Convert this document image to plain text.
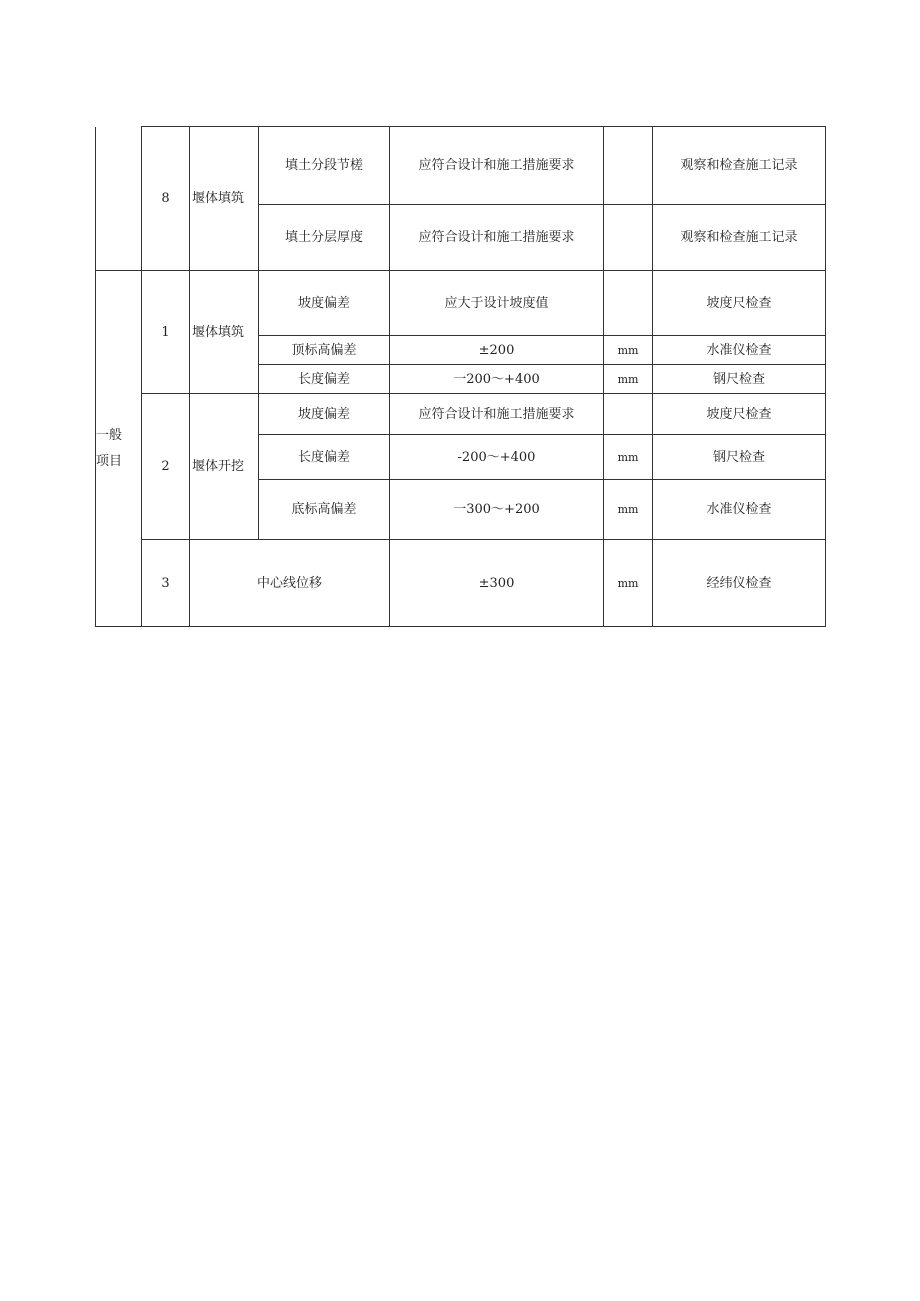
	8	堰体填筑	填土分段节槎	应符合设计和施工措施要求		观察和检查施工记录
			填土分层厚度	应符合设计和施工措施要求		观察和检查施工记录

一般项目	1	堰体填筑	坡度偏差	应大于设计坡度值		坡度尺检查
			顶标高偏差	±200	mm	水准仪检查
			长度偏差	一200～+400	mm	钢尺检查
	2	堰体开挖	坡度偏差	应符合设计和施工措施要求		坡度尺检查
			长度偏差	-200～+400	mm	钢尺检查
			底标高偏差	一300～+200	mm	水准仪检查
	3	中心线位移		±300	mm	经纬仪检查
